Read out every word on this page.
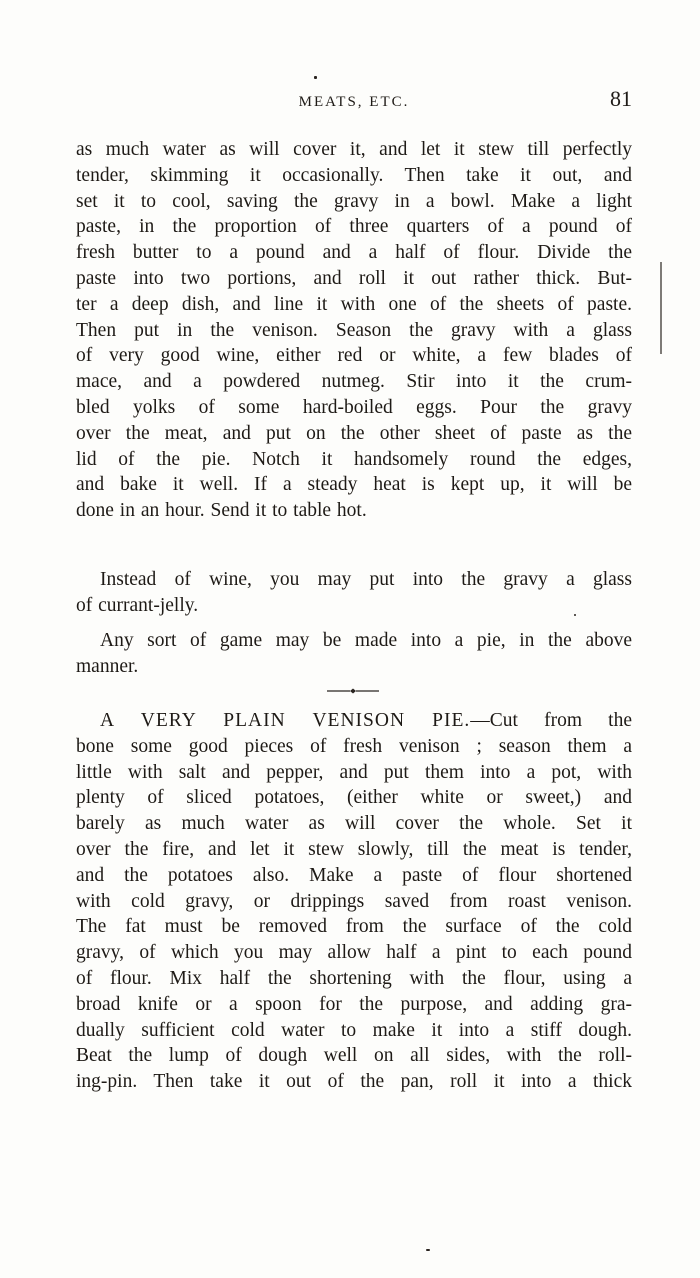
MEATS, ETC.	81
as much water as will cover it, and let it stew till perfectly
tender, skimming it occasionally. Then take it out, and
set it to cool, saving the gravy in a bowl. Make a light
paste, in the proportion of three quarters of a pound of
fresh butter to a pound and a half of flour. Divide the
paste into two portions, and roll it out rather thick. But-
ter a deep dish, and line it with one of the sheets of paste.
Then put in the venison. Season the gravy with a glass
of very good wine, either red or white, a few blades of
mace, and a powdered nutmeg. Stir into it the crum-
bled yolks of some hard-boiled eggs. Pour the gravy
over the meat, and put on the other sheet of paste as the
lid of the pie. Notch it handsomely round the edges,
and bake it well. If a steady heat is kept up, it will be
done in an hour. Send it to table hot.
Instead of wine, you may put into the gravy a glass
of currant-jelly.
Any sort of game may be made into a pie, in the above
manner.
A VERY PLAIN VENISON PIE.—Cut from the
bone some good pieces of fresh venison ; season them a
little with salt and pepper, and put them into a pot, with
plenty of sliced potatoes, (either white or sweet,) and
barely as much water as will cover the whole. Set it
over the fire, and let it stew slowly, till the meat is tender,
and the potatoes also. Make a paste of flour shortened
with cold gravy, or drippings saved from roast venison.
The fat must be removed from the surface of the cold
gravy, of which you may allow half a pint to each pound
of flour. Mix half the shortening with the flour, using a
broad knife or a spoon for the purpose, and adding gra-
dually sufficient cold water to make it into a stiff dough.
Beat the lump of dough well on all sides, with the roll-
ing-pin. Then take it out of the pan, roll it into a thick
